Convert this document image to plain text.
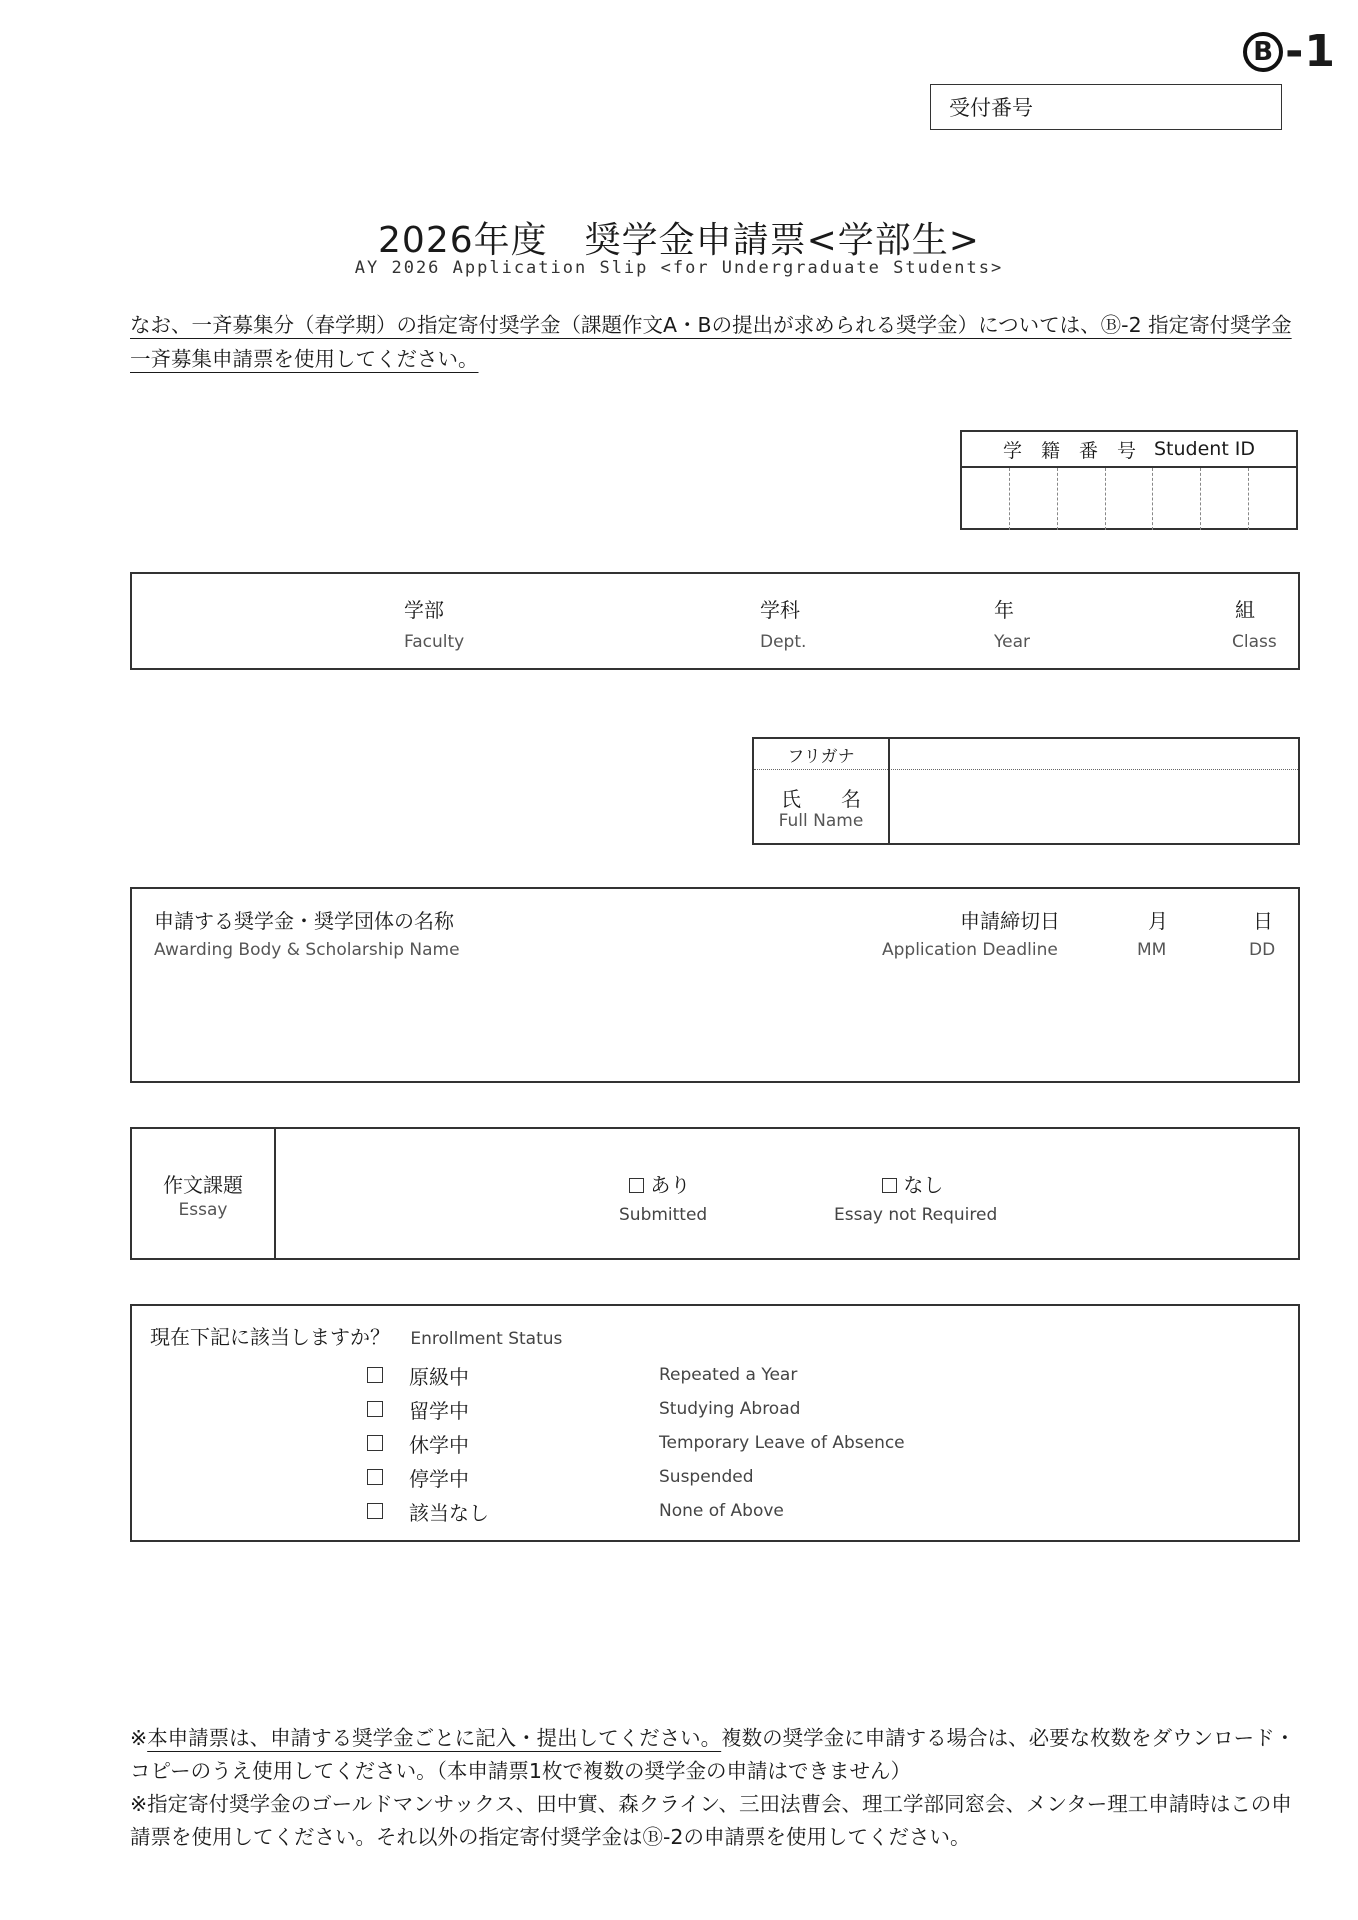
B -1
受付番号
2026年度　奨学金申請票<学部生>
AY 2026 Application Slip <for Undergraduate Students>
なお、一斉募集分（春学期）の指定寄付奨学金（課題作文A・Bの提出が求められる奨学金）については、Ⓑ-2 指定寄付奨学金一斉募集申請票を使用してください。
学　籍　番　号 Student ID
学部
Faculty
学科
Dept.
年
Year
組
Class
フリガナ
氏　　名
Full Name
申請する奨学金・奨学団体の名称
Awarding Body & Scholarship Name
申請締切日
Application Deadline
月
MM
日
DD
作文課題
Essay
あり
Submitted
なし
Essay not Required
現在下記に該当しますか？ Enrollment Status
原級中	Repeated a Year
留学中	Studying Abroad
休学中	Temporary Leave of Absence
停学中	Suspended
該当なし	None of Above
※本申請票は、申請する奨学金ごとに記入・提出してください。複数の奨学金に申請する場合は、必要な枚数をダウンロード・コピーのうえ使用してください。（本申請票1枚で複数の奨学金の申請はできません）
※指定寄付奨学金のゴールドマンサックス、田中實、森クライン、三田法曹会、理工学部同窓会、メンター理工申請時はこの申請票を使用してください。それ以外の指定寄付奨学金はⒷ-2の申請票を使用してください。
